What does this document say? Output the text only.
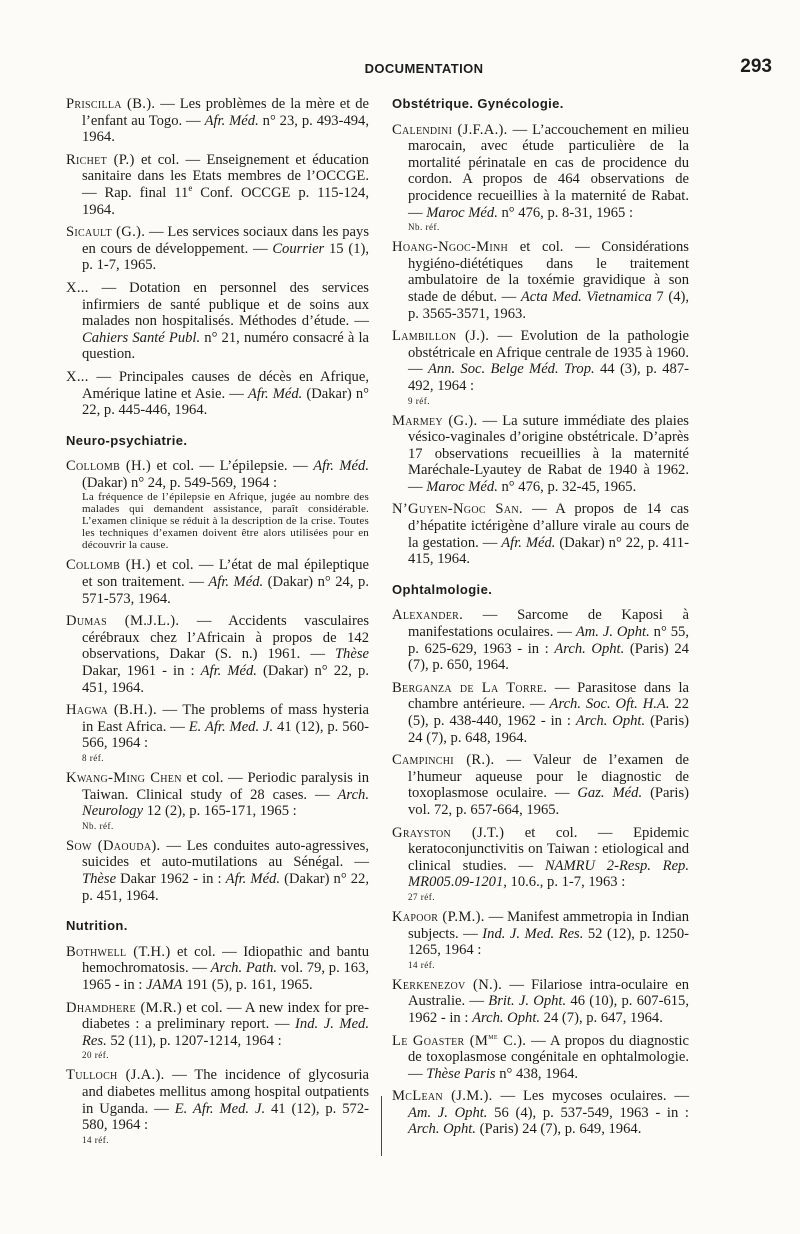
DOCUMENTATION	293
Priscilla (B.). — Les problèmes de la mère et de l’enfant au Togo. — Afr. Méd. n° 23, p. 493-494, 1964.
Richet (P.) et col. — Enseignement et éducation sanitaire dans les Etats membres de l’OCCGE. — Rap. final 11e Conf. OCCGE p. 115-124, 1964.
Sicault (G.). — Les services sociaux dans les pays en cours de développement. — Courrier 15 (1), p. 1-7, 1965.
X... — Dotation en personnel des services infirmiers de santé publique et de soins aux malades non hospitalisés. Méthodes d’étude. — Cahiers Santé Publ. n° 21, numéro consacré à la question.
X... — Principales causes de décès en Afrique, Amérique latine et Asie. — Afr. Méd. (Dakar) n° 22, p. 445-446, 1964.
Neuro-psychiatrie.
Collomb (H.) et col. — L’épilepsie. — Afr. Méd. (Dakar) n° 24, p. 549-569, 1964 :
La fréquence de l’épilepsie en Afrique, jugée au nombre des malades qui demandent assistance, paraît considérable. L’examen clinique se réduit à la description de la crise. Toutes les techniques d’examen doivent être alors utilisées pour en découvrir la cause.
Collomb (H.) et col. — L’état de mal épileptique et son traitement. — Afr. Méd. (Dakar) n° 24, p. 571-573, 1964.
Dumas (M.J.L.). — Accidents vasculaires cérébraux chez l’Africain à propos de 142 observations, Dakar (S. n.) 1961. — Thèse Dakar, 1961 - in : Afr. Méd. (Dakar) n° 22, p. 451, 1964.
Hagwa (B.H.). — The problems of mass hysteria in East Africa. — E. Afr. Med. J. 41 (12), p. 560-566, 1964 :
8 réf.
Kwang-Ming Chen et col. — Periodic paralysis in Taiwan. Clinical study of 28 cases. — Arch. Neurology 12 (2), p. 165-171, 1965 :
Nb. réf.
Sow (Daouda). — Les conduites auto-agressives, suicides et auto-mutilations au Sénégal. — Thèse Dakar 1962 - in : Afr. Méd. (Dakar) n° 22, p. 451, 1964.
Nutrition.
Bothwell (T.H.) et col. — Idiopathic and bantu hemochromatosis. — Arch. Path. vol. 79, p. 163, 1965 - in : JAMA 191 (5), p. 161, 1965.
Dhamdhere (M.R.) et col. — A new index for pre-diabetes : a preliminary report. — Ind. J. Med. Res. 52 (11), p. 1207-1214, 1964 :
20 réf.
Tulloch (J.A.). — The incidence of glycosuria and diabetes mellitus among hospital outpatients in Uganda. — E. Afr. Med. J. 41 (12), p. 572-580, 1964 :
14 réf.
Obstétrique. Gynécologie.
Calendini (J.F.A.). — L’accouchement en milieu marocain, avec étude particulière de la mortalité périnatale en cas de procidence du cordon. A propos de 464 observations de procidence recueillies à la maternité de Rabat. — Maroc Méd. n° 476, p. 8-31, 1965 :
Nb. réf.
Hoang-Ngoc-Minh et col. — Considérations hygiéno-diététiques dans le traitement ambulatoire de la toxémie gravidique à son stade de début. — Acta Med. Vietnamica 7 (4), p. 3565-3571, 1963.
Lambillon (J.). — Evolution de la pathologie obstétricale en Afrique centrale de 1935 à 1960. — Ann. Soc. Belge Méd. Trop. 44 (3), p. 487-492, 1964 :
9 réf.
Marmey (G.). — La suture immédiate des plaies vésico-vaginales d’origine obstétricale. D’après 17 observations recueillies à la maternité Maréchale-Lyautey de Rabat de 1940 à 1962. — Maroc Méd. n° 476, p. 32-45, 1965.
N’Guyen-Ngoc San. — A propos de 14 cas d’hépatite ictérigène d’allure virale au cours de la gestation. — Afr. Méd. (Dakar) n° 22, p. 411-415, 1964.
Ophtalmologie.
Alexander. — Sarcome de Kaposi à manifestations oculaires. — Am. J. Opht. n° 55, p. 625-629, 1963 - in : Arch. Opht. (Paris) 24 (7), p. 650, 1964.
Berganza de La Torre. — Parasitose dans la chambre antérieure. — Arch. Soc. Oft. H.A. 22 (5), p. 438-440, 1962 - in : Arch. Opht. (Paris) 24 (7), p. 648, 1964.
Campinchi (R.). — Valeur de l’examen de l’humeur aqueuse pour le diagnostic de toxoplasmose oculaire. — Gaz. Méd. (Paris) vol. 72, p. 657-664, 1965.
Grayston (J.T.) et col. — Epidemic keratoconjunctivitis on Taiwan : etiological and clinical studies. — NAMRU 2-Resp. Rep. MR005.09-1201, 10.6., p. 1-7, 1963 :
27 réf.
Kapoor (P.M.). — Manifest ammetropia in Indian subjects. — Ind. J. Med. Res. 52 (12), p. 1250-1265, 1964 :
14 réf.
Kerkenezov (N.). — Filariose intra-oculaire en Australie. — Brit. J. Opht. 46 (10), p. 607-615, 1962 - in : Arch. Opht. 24 (7), p. 647, 1964.
Le Goaster ($M^{me}$ C.). — A propos du diagnostic de toxoplasmose congénitale en ophtalmologie. — Thèse Paris n° 438, 1964.
McLean (J.M.). — Les mycoses oculaires. — Am. J. Opht. 56 (4), p. 537-549, 1963 - in : Arch. Opht. (Paris) 24 (7), p. 649, 1964.
